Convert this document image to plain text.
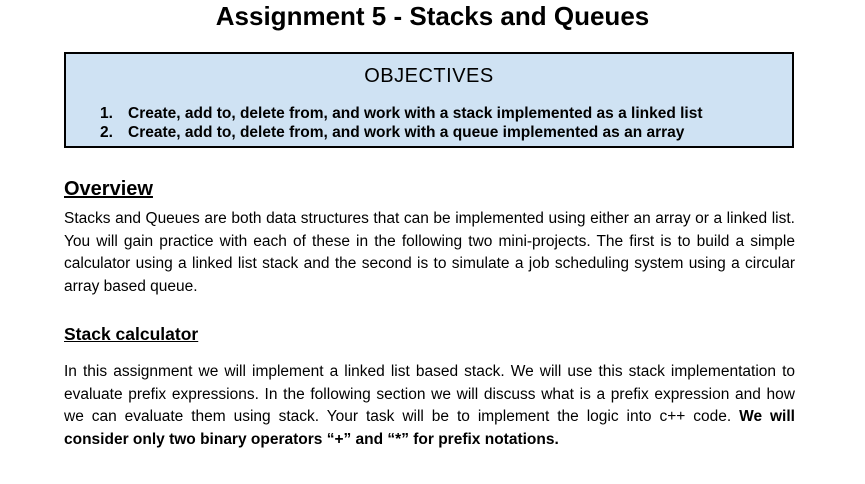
Assignment 5 - Stacks and Queues
OBJECTIVES
1. Create, add to, delete from, and work with a stack implemented as a linked list
2. Create, add to, delete from, and work with a queue implemented as an array
Overview

Stacks and Queues are both data structures that can be implemented using either an array or a linked list. You will gain practice with each of these in the following two mini-projects. The first is to build a simple calculator using a linked list stack and the second is to simulate a job scheduling system using a circular array based queue.

Stack calculator

In this assignment we will implement a linked list based stack. We will use this stack implementation to evaluate prefix expressions. In the following section we will discuss what is a prefix expression and how we can evaluate them using stack. Your task will be to implement the logic into c++ code. We will consider only two binary operators “+” and “*” for prefix notations.
